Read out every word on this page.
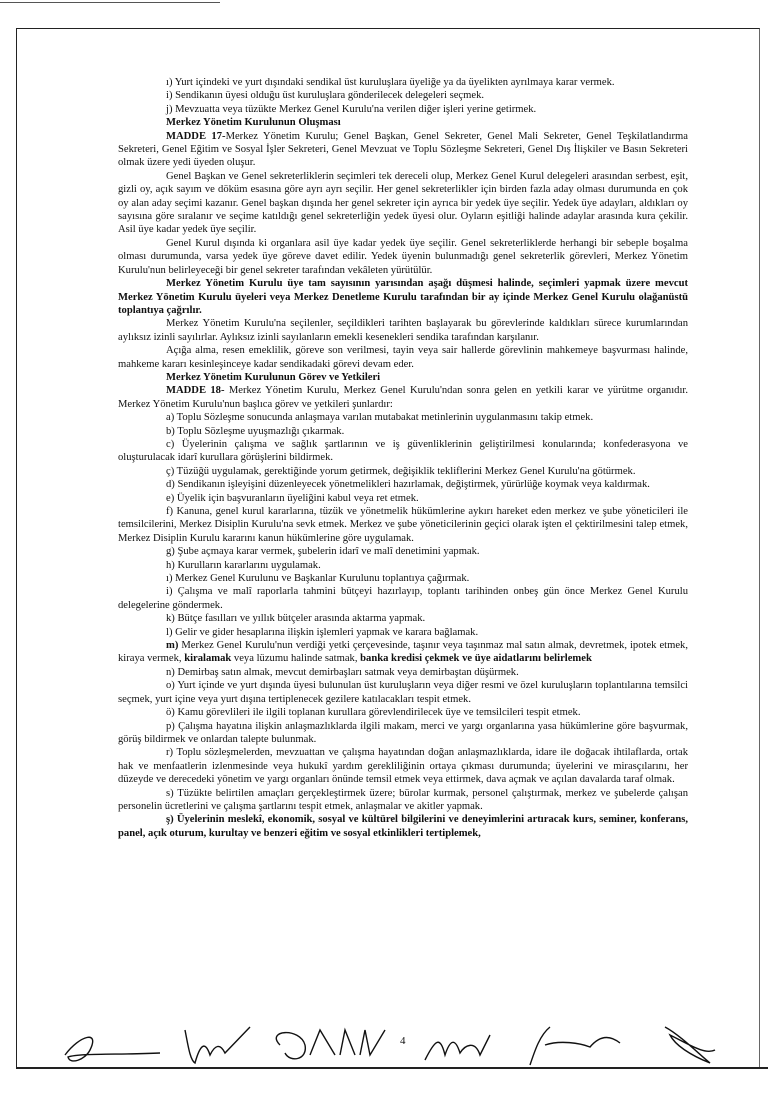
ı) Yurt içindeki ve yurt dışındaki sendikal üst kuruluşlara üyeliğe ya da üyelikten ayrılmaya karar vermek.

i) Sendikanın üyesi olduğu üst kuruluşlara gönderilecek delegeleri seçmek.

j) Mevzuatta veya tüzükte Merkez Genel Kurulu'na verilen diğer işleri yerine getirmek.

Merkez Yönetim Kurulunun Oluşması

MADDE 17-Merkez Yönetim Kurulu; Genel Başkan, Genel Sekreter, Genel Mali Sekreter, Genel Teşkilatlandırma Sekreteri, Genel Eğitim ve Sosyal İşler Sekreteri, Genel Mevzuat ve Toplu Sözleşme Sekreteri, Genel Dış İlişkiler ve Basın Sekreteri olmak üzere yedi üyeden oluşur.

Genel Başkan ve Genel sekreterliklerin seçimleri tek dereceli olup, Merkez Genel Kurul delegeleri arasından serbest, eşit, gizli oy, açık sayım ve döküm esasına göre ayrı ayrı seçilir. Her genel sekreterlikler için birden fazla aday olması durumunda en çok oy alan aday seçimi kazanır. Genel başkan dışında her genel sekreter için ayrıca bir yedek üye seçilir. Yedek üye adayları, aldıkları oy sayısına göre sıralanır ve seçime katıldığı genel sekreterliğin yedek üyesi olur. Oyların eşitliği halinde adaylar arasında kura çekilir. Asil üye kadar yedek üye seçilir.

Genel Kurul dışında ki organlara asil üye kadar yedek üye seçilir. Genel sekreterliklerde herhangi bir sebeple boşalma olması durumunda, varsa yedek üye göreve davet edilir. Yedek üyenin bulunmadığı genel sekreterlik görevleri, Merkez Yönetim Kurulu'nun belirleyeceği bir genel sekreter tarafından vekâleten yürütülür.

Merkez Yönetim Kurulu üye tam sayısının yarısından aşağı düşmesi halinde, seçimleri yapmak üzere mevcut Merkez Yönetim Kurulu üyeleri veya Merkez Denetleme Kurulu tarafından bir ay içinde Merkez Genel Kurulu olağanüstü toplantıya çağrılır.

Merkez Yönetim Kurulu'na seçilenler, seçildikleri tarihten başlayarak bu görevlerinde kaldıkları sürece kurumlarından aylıksız izinli sayılırlar. Aylıksız izinli sayılanların emekli kesenekleri sendika tarafından karşılanır.

Açığa alma, resen emeklilik, göreve son verilmesi, tayin veya sair hallerde görevlinin mahkemeye başvurması halinde, mahkeme kararı kesinleşinceye kadar sendikadaki görevi devam eder.

Merkez Yönetim Kurulunun Görev ve Yetkileri

MADDE 18- Merkez Yönetim Kurulu, Merkez Genel Kurulu'ndan sonra gelen en yetkili karar ve yürütme organıdır. Merkez Yönetim Kurulu'nun başlıca görev ve yetkileri şunlardır:

a) Toplu Sözleşme sonucunda anlaşmaya varılan mutabakat metinlerinin uygulanmasını takip etmek.

b) Toplu Sözleşme uyuşmazlığı çıkarmak.

c) Üyelerinin çalışma ve sağlık şartlarının ve iş güvenliklerinin geliştirilmesi konularında; konfederasyona ve oluşturulacak idarî kurullara görüşlerini bildirmek.

ç) Tüzüğü uygulamak, gerektiğinde yorum getirmek, değişiklik tekliflerini Merkez Genel Kurulu'na götürmek.

d) Sendikanın işleyişini düzenleyecek yönetmelikleri hazırlamak, değiştirmek, yürürlüğe koymak veya kaldırmak.

e) Üyelik için başvuranların üyeliğini kabul veya ret etmek.

f) Kanuna, genel kurul kararlarına, tüzük ve yönetmelik hükümlerine aykırı hareket eden merkez ve şube yöneticileri ile temsilcilerini, Merkez Disiplin Kurulu'na sevk etmek. Merkez ve şube yöneticilerinin geçici olarak işten el çektirilmesini talep etmek, Merkez Disiplin Kurulu kararını kanun hükümlerine göre uygulamak.

g) Şube açmaya karar vermek, şubelerin idarî ve malî denetimini yapmak.

h) Kurulların kararlarını uygulamak.

ı) Merkez Genel Kurulunu ve Başkanlar Kurulunu toplantıya çağırmak.

i) Çalışma ve malî raporlarla tahmini bütçeyi hazırlayıp, toplantı tarihinden onbeş gün önce Merkez Genel Kurulu delegelerine göndermek.

k) Bütçe fasılları ve yıllık bütçeler arasında aktarma yapmak.

l) Gelir ve gider hesaplarına ilişkin işlemleri yapmak ve karara bağlamak.

m) Merkez Genel Kurulu'nun verdiği yetki çerçevesinde, taşınır veya taşınmaz mal satın almak, devretmek, ipotek etmek, kiraya vermek, kiralamak veya lüzumu halinde satmak, banka kredisi çekmek ve üye aidatlarını belirlemek

n) Demirbaş satın almak, mevcut demirbaşları satmak veya demirbaştan düşürmek.

o) Yurt içinde ve yurt dışında üyesi bulunulan üst kuruluşların veya diğer resmi ve özel kuruluşların toplantılarına temsilci seçmek, yurt içine veya yurt dışına tertiplenecek gezilere katılacakları tespit etmek.

ö) Kamu görevlileri ile ilgili toplanan kurullara görevlendirilecek üye ve temsilcileri tespit etmek.

p) Çalışma hayatına ilişkin anlaşmazlıklarda ilgili makam, merci ve yargı organlarına yasa hükümlerine göre başvurmak, görüş bildirmek ve onlardan talepte bulunmak.

r) Toplu sözleşmelerden, mevzuattan ve çalışma hayatından doğan anlaşmazlıklarda, idare ile doğacak ihtilaflarda, ortak hak ve menfaatlerin izlenmesinde veya hukukî yardım gerekliliğinin ortaya çıkması durumunda; üyelerini ve mirasçılarını, her düzeyde ve derecedeki yönetim ve yargı organları önünde temsil etmek veya ettirmek, dava açmak ve açılan davalarda taraf olmak.

s) Tüzükte belirtilen amaçları gerçekleştirmek üzere; bürolar kurmak, personel çalıştırmak, merkez ve şubelerde çalışan personelin ücretlerini ve çalışma şartlarını tespit etmek, anlaşmalar ve akitler yapmak.

ş) Üyelerinin meslekî, ekonomik, sosyal ve kültürel bilgilerini ve deneyimlerini artıracak kurs, seminer, konferans, panel, açık oturum, kurultay ve benzeri eğitim ve sosyal etkinlikleri tertiplemek,

4
